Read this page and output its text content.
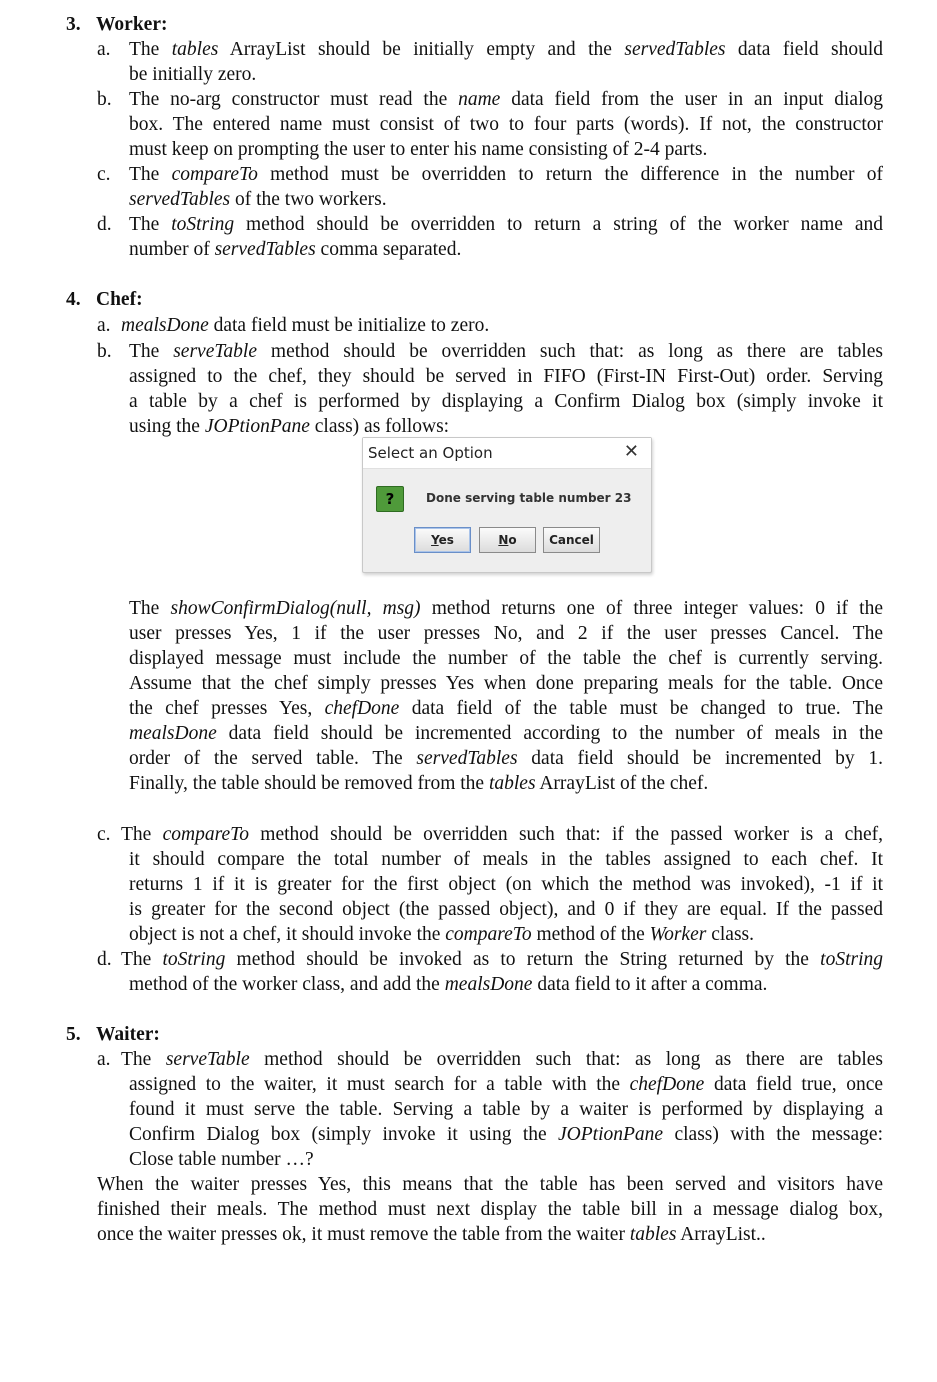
3. Worker:
a. The tables ArrayList should be initially empty and the servedTables data field should
be initially zero.
b. The no-arg constructor must read the name data field from the user in an input dialog
box. The entered name must consist of two to four parts (words). If not, the constructor
must keep on prompting the user to enter his name consisting of 2-4 parts.
c. The compareTo method must be overridden to return the difference in the number of
servedTables of the two workers.
d. The toString method should be overridden to return a string of the worker name and
number of servedTables comma separated.
4. Chef:
a. mealsDone data field must be initialize to zero.
b. The serveTable method should be overridden such that: as long as there are tables
assigned to the chef, they should be served in FIFO (First-IN First-Out) order. Serving
a table by a chef is performed by displaying a Confirm Dialog box (simply invoke it
using the JOPtionPane class) as follows:
Select an Option	✕
?	Done serving table number 23
Yes	No	Cancel
The showConfirmDialog(null, msg) method returns one of three integer values: 0 if the
user presses Yes, 1 if the user presses No, and 2 if the user presses Cancel. The
displayed message must include the number of the table the chef is currently serving.
Assume that the chef simply presses Yes when done preparing meals for the table. Once
the chef presses Yes, chefDone data field of the table must be changed to true. The
mealsDone data field should be incremented according to the number of meals in the
order of the served table. The servedTables data field should be incremented by 1.
Finally, the table should be removed from the tables ArrayList of the chef.
c. The compareTo method should be overridden such that: if the passed worker is a chef,
it should compare the total number of meals in the tables assigned to each chef. It
returns 1 if it is greater for the first object (on which the method was invoked), -1 if it
is greater for the second object (the passed object), and 0 if they are equal. If the passed
object is not a chef, it should invoke the compareTo method of the Worker class.
d. The toString method should be invoked as to return the String returned by the toString
method of the worker class, and add the mealsDone data field to it after a comma.
5. Waiter:
a. The serveTable method should be overridden such that: as long as there are tables
assigned to the waiter, it must search for a table with the chefDone data field true, once
found it must serve the table. Serving a table by a waiter is performed by displaying a
Confirm Dialog box (simply invoke it using the JOPtionPane class) with the message:
Close table number …?
When the waiter presses Yes, this means that the table has been served and visitors have
finished their meals. The method must next display the table bill in a message dialog box,
once the waiter presses ok, it must remove the table from the waiter tables ArrayList..
